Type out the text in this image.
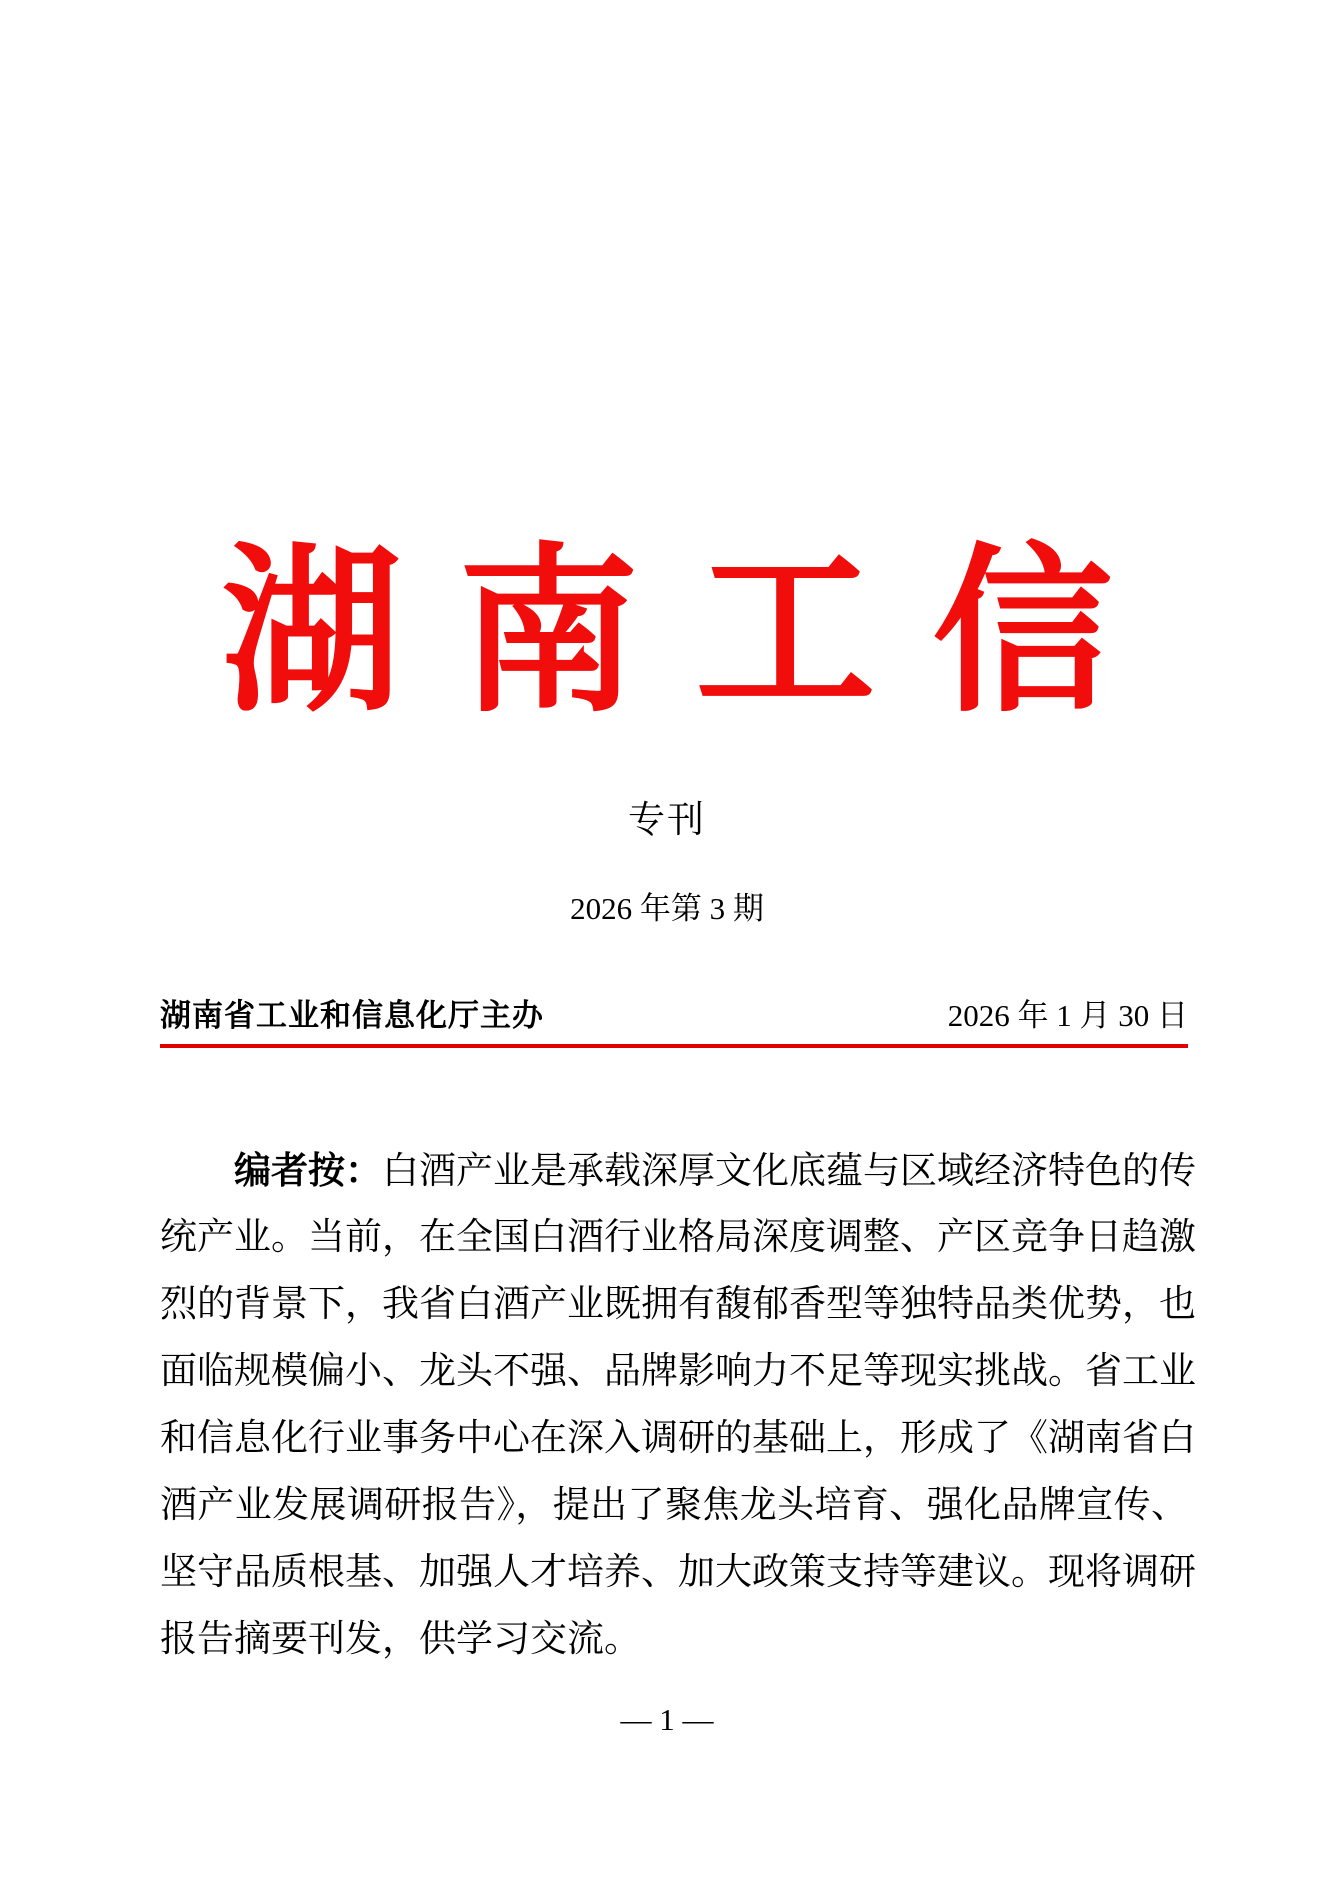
湖南工信
专刊
2026 年第 3 期
湖南省工业和信息化厅主办	2026 年 1 月 30 日
编者按：白酒产业是承载深厚文化底蕴与区域经济特色的传
统产业。当前，在全国白酒行业格局深度调整、产区竞争日趋激
烈的背景下，我省白酒产业既拥有馥郁香型等独特品类优势，也
面临规模偏小、龙头不强、品牌影响力不足等现实挑战。省工业
和信息化行业事务中心在深入调研的基础上，形成了《湖南省白
酒产业发展调研报告》，提出了聚焦龙头培育、强化品牌宣传、
坚守品质根基、加强人才培养、加大政策支持等建议。现将调研
报告摘要刊发，供学习交流。
— 1 —
